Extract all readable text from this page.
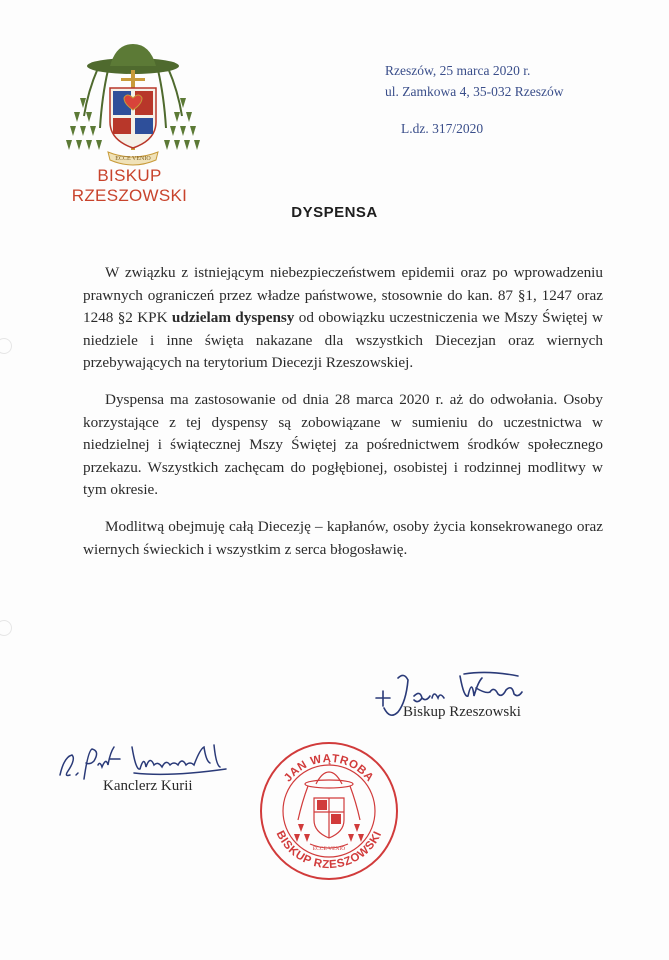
ECCE VENIO
BISKUP RZESZOWSKI
Rzeszów, 25 marca 2020 r.
ul. Zamkowa 4, 35-032 Rzeszów
L.dz. 317/2020
DYSPENSA

W związku z istniejącym niebezpieczeństwem epidemii oraz po wprowadzeniu prawnych ograniczeń przez władze państwowe, stosownie do kan. 87 §1, 1247 oraz 1248 §2 KPK udzielam dyspensy od obowiązku uczestniczenia we Mszy Świętej w niedziele i inne święta nakazane dla wszystkich Diecezjan oraz wiernych przebywających na terytorium Diecezji Rzeszowskiej.

Dyspensa ma zastosowanie od dnia 28 marca 2020 r. aż do odwołania. Osoby korzystające z tej dyspensy są zobowiązane w sumieniu do uczestnictwa w niedzielnej i świątecznej Mszy Świętej za pośrednictwem środków społecznego przekazu. Wszystkich zachęcam do pogłębionej, osobistej i rodzinnej modlitwy w tym okresie.

Modlitwą obejmuję całą Diecezję – kapłanów, osoby życia konsekrowanego oraz wiernych świeckich i wszystkim z serca błogosławię.

Biskup Rzeszowski
Kanclerz Kurii
JAN WĄTROBA
BISKUP RZESZOWSKI
ECCE VENIO
